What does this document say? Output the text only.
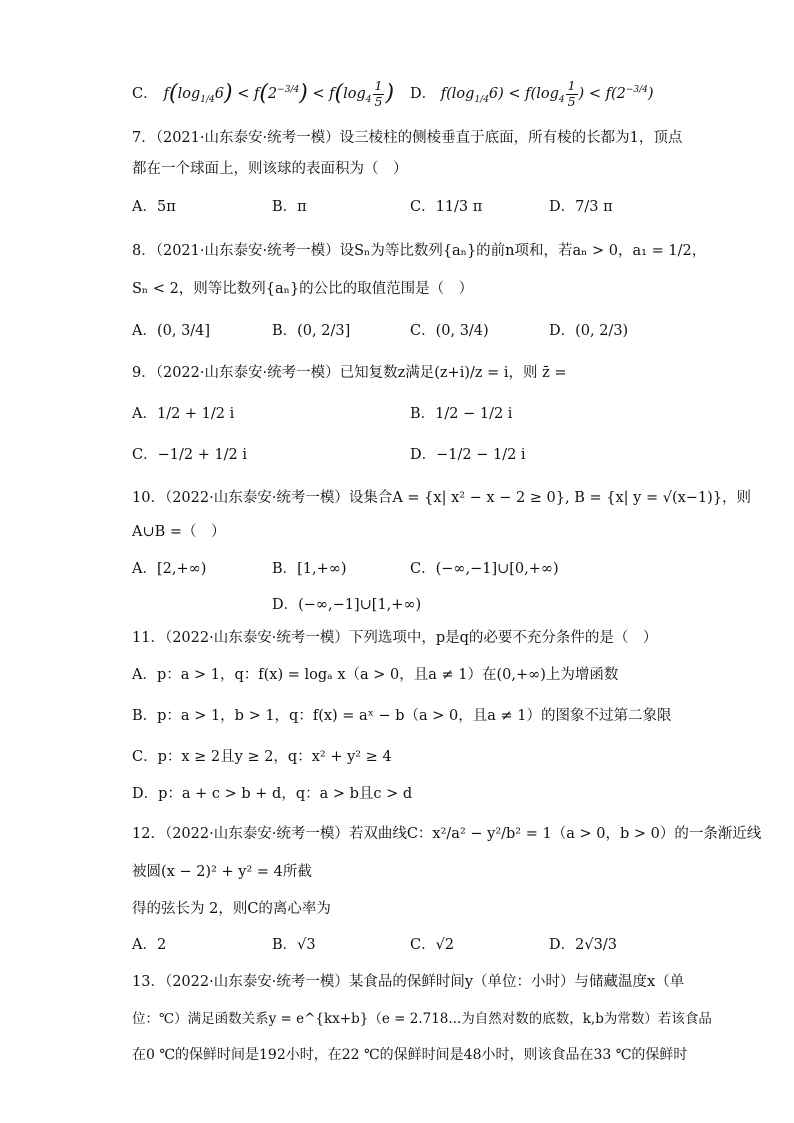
C．  $f(\log_{1/4}6) < f(2^{-3/4}) < f(\log_4 \frac{1}{5}$ ) D． $f(\log_{1/4}6) < f(\log_4 \frac{1}{5}$ ) < $f(2^{-3/4})$
7．（2021·山东泰安·统考一模）设三棱柱的侧棱垂直于底面，所有棱的长都为1，顶点
都在一个球面上，则该球的表面积为（　）
A．5π	B．π	C．11/3 π	D．7/3 π
8．（2021·山东泰安·统考一模）设Sₙ为等比数列{aₙ}的前n项和，若aₙ > 0，a₁ = 1/2，
Sₙ < 2，则等比数列{aₙ}的公比的取值范围是（　）
A．(0, 3/4]	B．(0, 2/3]	C．(0, 3/4)	D．(0, 2/3)
9．（2022·山东泰安·统考一模）已知复数z满足(z+i)/z = i，则 z̄ =
A．1/2 + 1/2 i	B．1/2 − 1/2 i
C．−1/2 + 1/2 i	D．−1/2 − 1/2 i
10．（2022·山东泰安·统考一模）设集合A = {x| x² − x − 2 ≥ 0}, B = {x| y = √(x−1)}，则
A∪B =（　）
A．[2,+∞)	B．[1,+∞)	C．(−∞,−1]∪[0,+∞)
D．(−∞,−1]∪[1,+∞)
11．（2022·山东泰安·统考一模）下列选项中，p是q的必要不充分条件的是（　）
A．p：a > 1，q：f(x) = logₐ x（a > 0，且a ≠ 1）在(0,+∞)上为增函数
B．p：a > 1，b > 1，q：f(x) = aˣ − b（a > 0，且a ≠ 1）的图象不过第二象限
C．p：x ≥ 2且y ≥ 2，q：x² + y² ≥ 4
D．p：a + c > b + d，q：a > b且c > d
12．（2022·山东泰安·统考一模）若双曲线C：x²/a² − y²/b² = 1（a > 0，b > 0）的一条渐近线
被圆(x − 2)² + y² = 4所截
得的弦长为 2，则C的离心率为
A．2	B．√3	C．√2	D．2√3/3
13．（2022·山东泰安·统考一模）某食品的保鲜时间y（单位：小时）与储藏温度x（单
位：℃）满足函数关系y = e^{kx+b}（e = 2.718...为自然对数的底数，k,b为常数）若该食品
在0 ℃的保鲜时间是192小时，在22 ℃的保鲜时间是48小时，则该食品在33 ℃的保鲜时
